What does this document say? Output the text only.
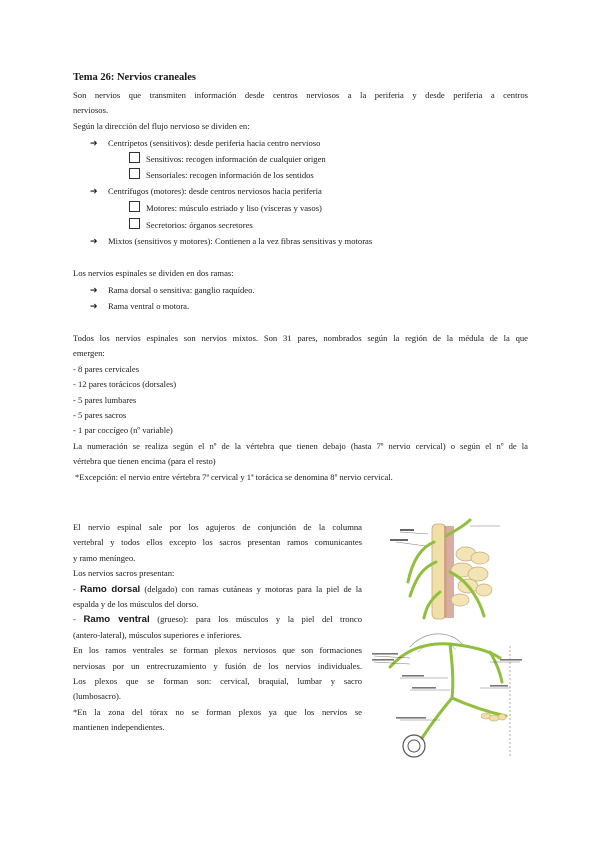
Tema 26: Nervios craneales

Son nervios que transmiten información desde centros nerviosos a la periferia y desde periferia a centros

nerviosos.

Según la dirección del flujo nervioso se dividen en:

➔ Centrípetos (sensitivos): desde periferia hacia centro nervioso
Sensitivos: recogen información de cualquier origen
Sensoriales: recogen información de los sentidos
➔ Centrífugos (motores): desde centros nerviosos hacia periferia
Motores: músculo estriado y liso (vísceras y vasos)
Secretorios: órganos secretores
➔ Mixtos (sensitivos y motores): Contienen a la vez fibras sensitivas y motoras
Los nervios espinales se dividen en dos ramas:
➔ Rama dorsal o sensitiva: ganglio raquídeo.
➔ Rama ventral o motora.

Todos los nervios espinales son nervios mixtos. Son 31 pares, nombrados según la región de la médula de la que

emergen:

- 8 pares cervicales

- 12 pares torácicos (dorsales)

- 5 pares lumbares

- 5 pares sacros

- 1 par coccígeo (nº variable)

La numeración se realiza según el nº de la vértebra que tienen debajo (hasta 7º nervio cervical) o según el nº de la

vértebra que tienen encima (para el resto)

*Excepción: el nervio entre vértebra 7ª cervical y 1ª torácica se denomina 8º nervio cervical.

El nervio espinal sale por los agujeros de conjunción de la columna

vertebral y todos ellos excepto los sacros presentan ramos comunicantes

y ramo meníngeo.

Los nervios sacros presentan:

- Ramo dorsal (delgado) con ramas cutáneas y motoras para la piel de la

espalda y de los músculos del dorso.

- Ramo ventral (grueso): para los músculos y la piel del tronco

(antero-lateral), músculos superiores e inferiores.

En los ramos ventrales se forman plexos nerviosos que son formaciones

nerviosas por un entrecruzamiento y fusión de los nervios individuales.

Los plexos que se forman son: cervical, braquial, lumbar y sacro

(lumbosacro).

*En la zona del tórax no se forman plexos ya que los nervios se

mantienen independientes.
